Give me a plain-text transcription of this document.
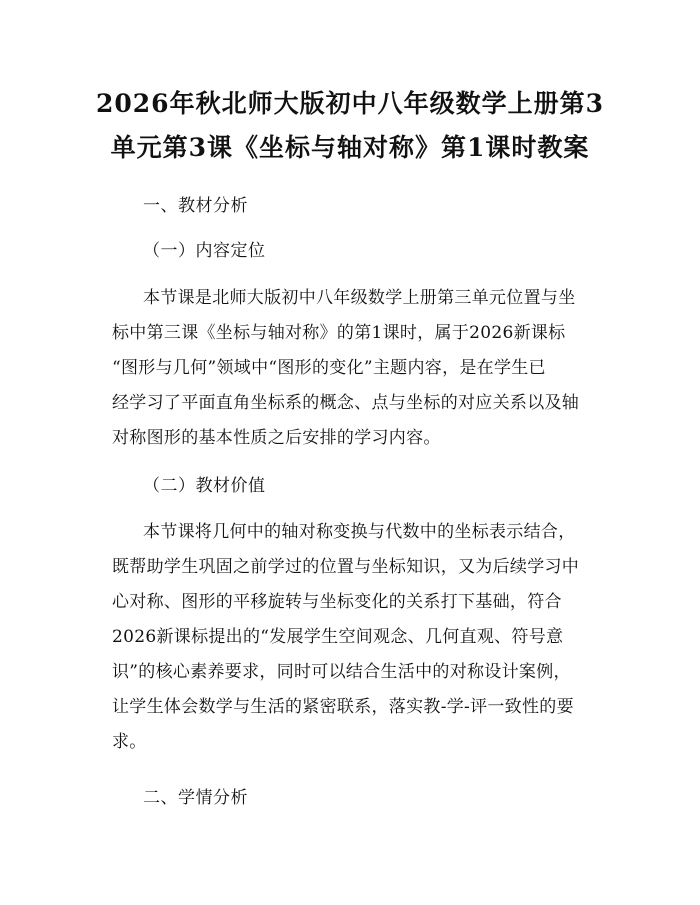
2026年秋北师大版初中八年级数学上册第3
单元第3课《坐标与轴对称》第1课时教案

一、教材分析

（一）内容定位

本节课是北师大版初中八年级数学上册第三单元位置与坐

标中第三课《坐标与轴对称》的第1课时，属于2026新课标

“图形与几何”领域中“图形的变化”主题内容，是在学生已

经学习了平面直角坐标系的概念、点与坐标的对应关系以及轴

对称图形的基本性质之后安排的学习内容。

（二）教材价值

本节课将几何中的轴对称变换与代数中的坐标表示结合，

既帮助学生巩固之前学过的位置与坐标知识，又为后续学习中

心对称、图形的平移旋转与坐标变化的关系打下基础，符合

2026新课标提出的“发展学生空间观念、几何直观、符号意

识”的核心素养要求，同时可以结合生活中的对称设计案例，

让学生体会数学与生活的紧密联系，落实教-学-评一致性的要

求。

二、学情分析
